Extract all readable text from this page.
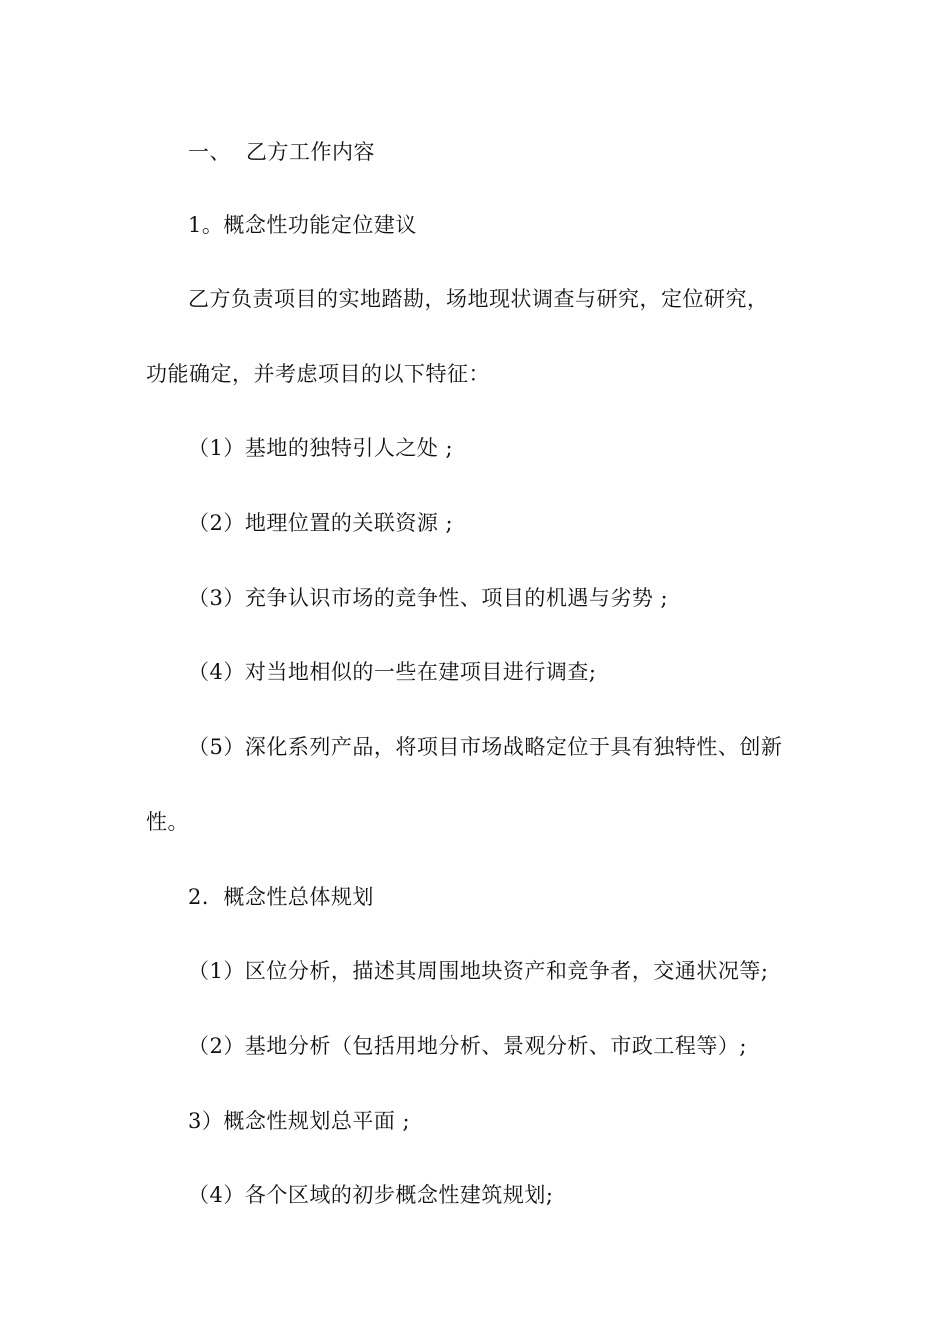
一、 乙方工作内容
1。概念性功能定位建议
乙方负责项目的实地踏勘，场地现状调查与研究，定位研究，
功能确定，并考虑项目的以下特征：
（1）基地的独特引人之处 ;
（2）地理位置的关联资源 ;
（3）充争认识市场的竞争性、项目的机遇与劣势 ;
（4）对当地相似的一些在建项目进行调查;
（5）深化系列产品，将项目市场战略定位于具有独特性、创新
性。
2．概念性总体规划
（1）区位分析，描述其周围地块资产和竞争者，交通状况等;
（2）基地分析（包括用地分析、景观分析、市政工程等）;
3）概念性规划总平面 ;
（4）各个区域的初步概念性建筑规划;
